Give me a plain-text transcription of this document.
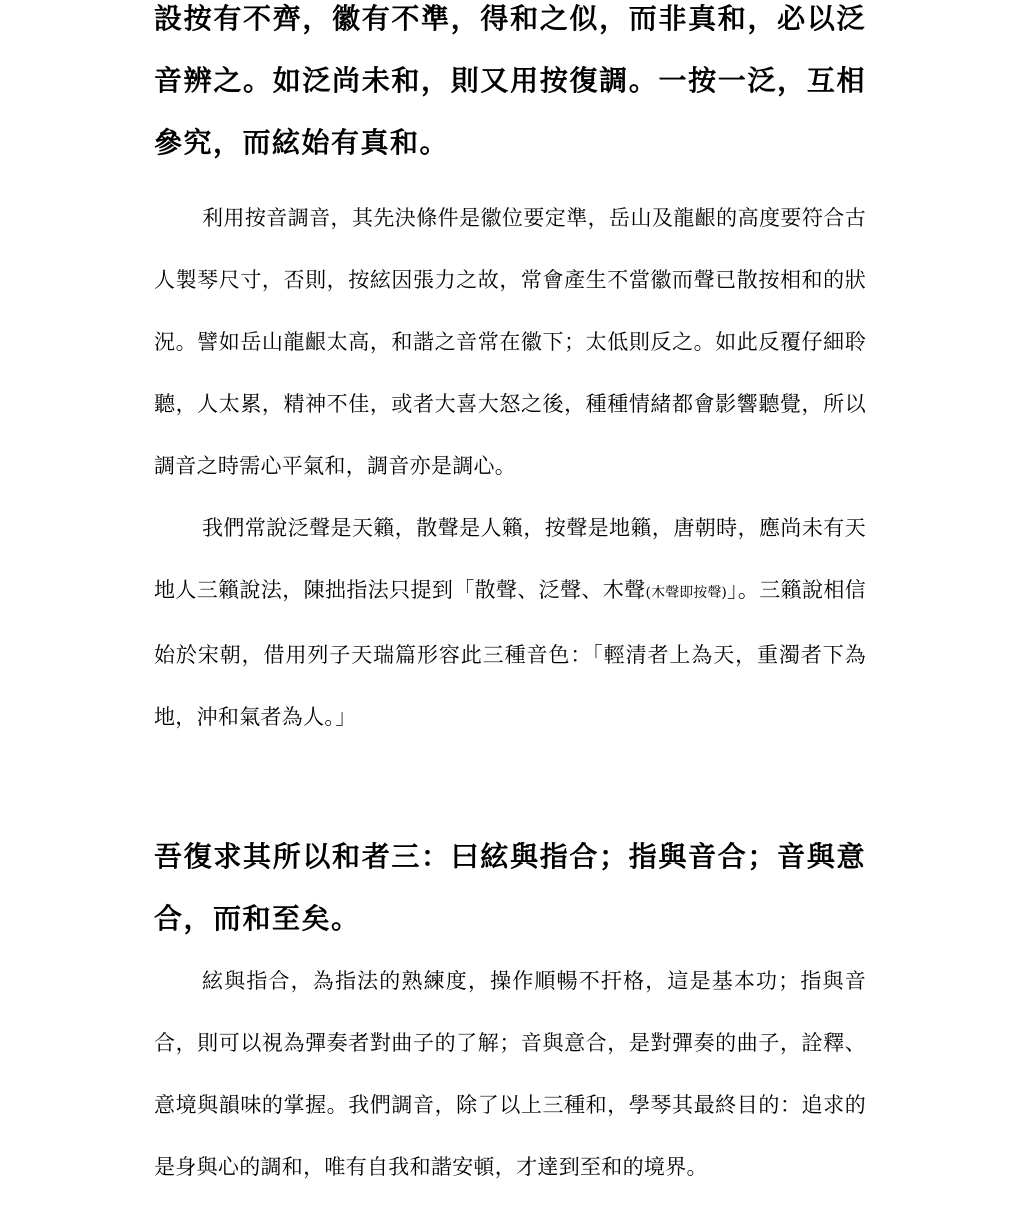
設按有不齊，徽有不準，得和之似，而非真和，必以泛音辨之。如泛尚未和，則又用按復調。一按一泛，互相參究，而絃始有真和。

利用按音調音，其先決條件是徽位要定準，岳山及龍齦的高度要符合古人製琴尺寸，否則，按絃因張力之故，常會產生不當徽而聲已散按相和的狀況。譬如岳山龍齦太高，和諧之音常在徽下；太低則反之。如此反覆仔細聆聽，人太累，精神不佳，或者大喜大怒之後，種種情緒都會影響聽覺，所以調音之時需心平氣和，調音亦是調心。

我們常說泛聲是天籟，散聲是人籟，按聲是地籟，唐朝時，應尚未有天地人三籟說法，陳拙指法只提到「散聲、泛聲、木聲(木聲即按聲)」。三籟說相信始於宋朝，借用列子天瑞篇形容此三種音色：「輕清者上為天，重濁者下為地，沖和氣者為人。」

吾復求其所以和者三：曰絃與指合；指與音合；音與意合，而和至矣。

絃與指合，為指法的熟練度，操作順暢不扞格，這是基本功；指與音合，則可以視為彈奏者對曲子的了解；音與意合，是對彈奏的曲子，詮釋、意境與韻味的掌握。我們調音，除了以上三種和，學琴其最終目的：追求的是身與心的調和，唯有自我和諧安頓，才達到至和的境界。
